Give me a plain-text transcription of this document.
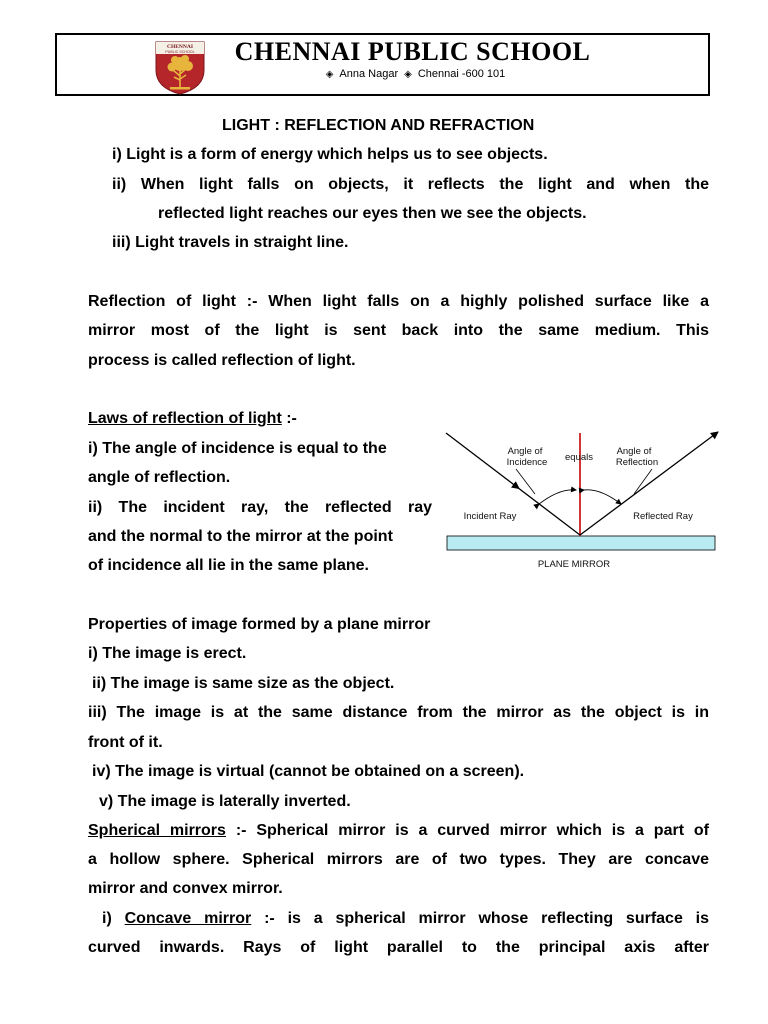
CHENNAI
PUBLIC SCHOOL	CHENNAI PUBLIC SCHOOL
◈ Anna Nagar ◈ Chennai -600 101
LIGHT : REFLECTION AND REFRACTION
i) Light is a form of energy which helps us to see objects.
ii) When light falls on objects, it reflects the light and when the
reflected light reaches our eyes then we see the objects.
iii) Light travels in straight line.
Reflection of light :- When light falls on a highly polished surface like a
mirror most of the light is sent back into the same medium. This
process is called reflection of light.
Laws of reflection of light :-
i) The angle of incidence is equal to the
angle of reflection.
ii) The incident ray, the reflected ray
and the normal to the mirror at the point
of incidence all lie in the same plane.
Properties of image formed by a plane mirror
i) The image is erect.
ii) The image is same size as the object.
iii) The image is at the same distance from the mirror as the object is in
front of it.
iv) The image is virtual (cannot be obtained on a screen).
v) The image is laterally inverted.
Spherical mirrors :- Spherical mirror is a curved mirror which is a part of
a hollow sphere. Spherical mirrors are of two types. They are concave
mirror and convex mirror.
i) Concave mirror :- is a spherical mirror whose reflecting surface is
curved inwards. Rays of light parallel to the principal axis after
Angle of
Incidence equals
Angle of
Reflection
Incident Ray	Reflected Ray
PLANE MIRROR
